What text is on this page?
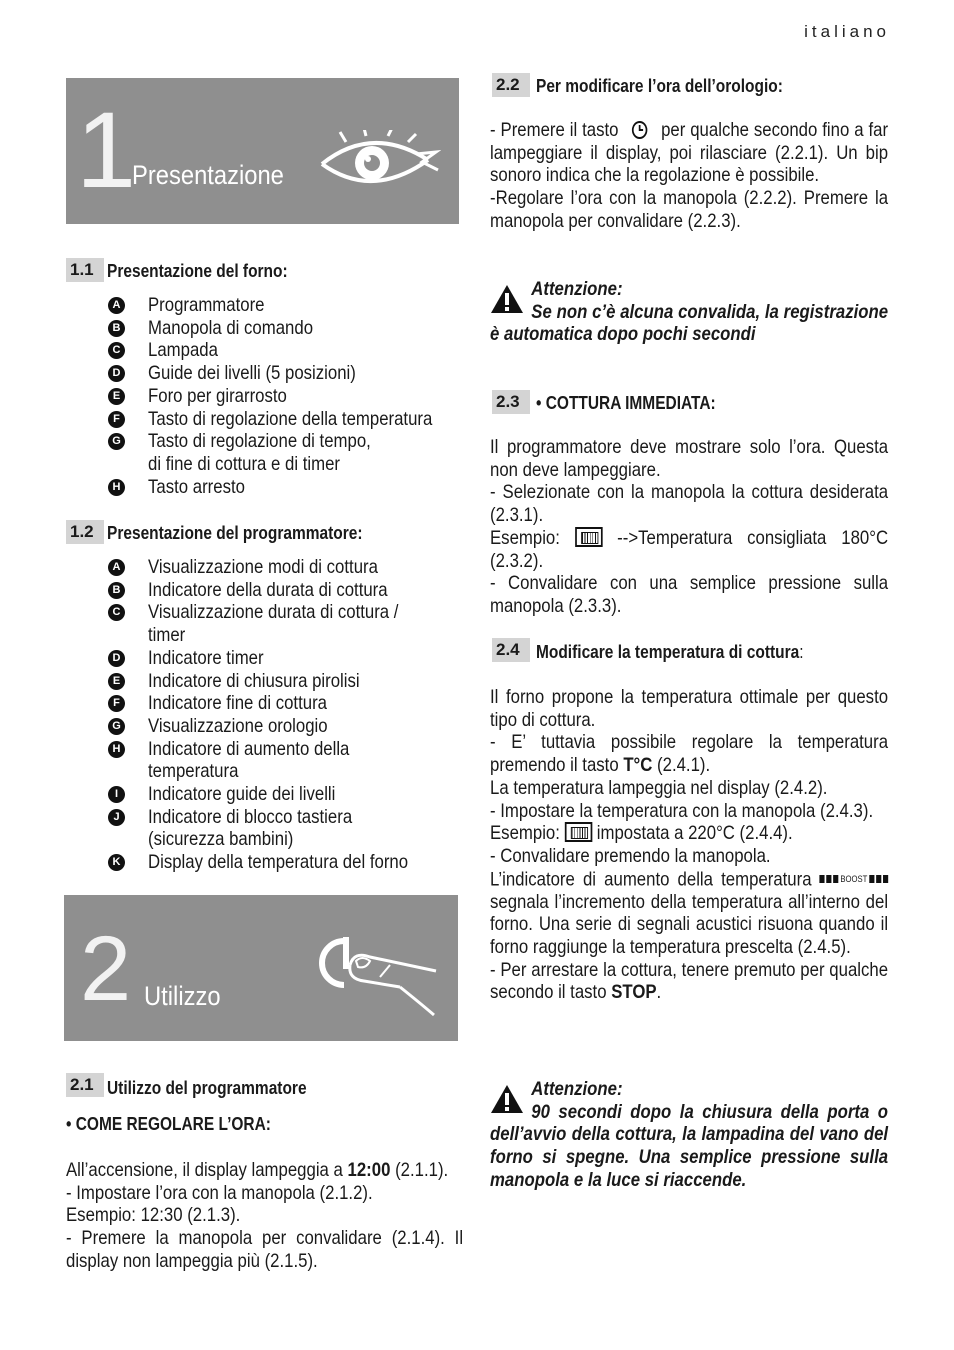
italiano
1
Presentazione
1.1 Presentazione del forno:
A Programmatore
B Manopola di comando
C Lampada
D Guide dei livelli (5 posizioni)
E Foro per girarrosto
F Tasto di regolazione della temperatura
G Tasto di regolazione di tempo,
di fine di cottura e di timer
H Tasto arresto
1.2 Presentazione del programmatore:
A Visualizzazione modi di cottura
B Indicatore della durata di cottura
C Visualizzazione durata di cottura /
timer
D Indicatore timer
E Indicatore di chiusura pirolisi
F Indicatore fine di cottura
G Visualizzazione orologio
H Indicatore di aumento della
temperatura
I	Indicatore guide dei livelli
J Indicatore di blocco tastiera
(sicurezza bambini)
K Display della temperatura del forno
2 Utilizzo
2.1 Utilizzo del programmatore
• COME REGOLARE L’ORA:

All’accensione, il display lampeggia a 12:00 (2.1.1).

- Impostare l’ora con la manopola (2.1.2).

Esempio: 12:30 (2.1.3).

- Premere la manopola per convalidare (2.1.4). Il display non lampeggia più (2.1.5).

2.2 Per modificare l’ora dell’orologio:

- Premere il tasto  per qualche secondo fino a far lampeggiare il display, poi rilasciare (2.2.1). Un bip sonoro indica che la regolazione è possibile.

-Regolare l’ora con la manopola (2.2.2). Premere la manopola per convalidare (2.2.3).

Attenzione:
Se non c’è alcuna convalida, la registrazione è automatica dopo pochi secondi
2.3 • COTTURA IMMEDIATA:

Il programmatore deve mostrare solo l’ora. Questa non deve lampeggiare.

- Selezionate con la manopola la cottura desiderata (2.3.1).

Esempio:  -->Temperatura consigliata 180°C (2.3.2).

- Convalidare con una semplice pressione sulla manopola (2.3.3).

2.4 Modificare la temperatura di cottura:

Il forno propone la temperatura ottimale per questo tipo di cottura.

- E’ tuttavia possibile regolare la temperatura premendo il tasto T°C (2.4.1).

La temperatura lampeggia nel display (2.4.2).

- Impostare la temperatura con la manopola (2.4.3).

Esempio:  impostata a 220°C (2.4.4).

- Convalidare premendo la manopola.

L’indicatore di aumento della temperatura BOOST
segnala l’incremento della temperatura all’interno del forno. Una serie di segnali acustici risuona quando il forno raggiunge la temperatura prescelta (2.4.5).

- Per arrestare la cottura, tenere premuto per qualche secondo il tasto STOP.

Attenzione:
90 secondi dopo la chiusura della porta o dell’avvio della cottura, la lampadina del vano del forno si spegne. Una semplice pressione sulla manopola e la luce si riaccende.
